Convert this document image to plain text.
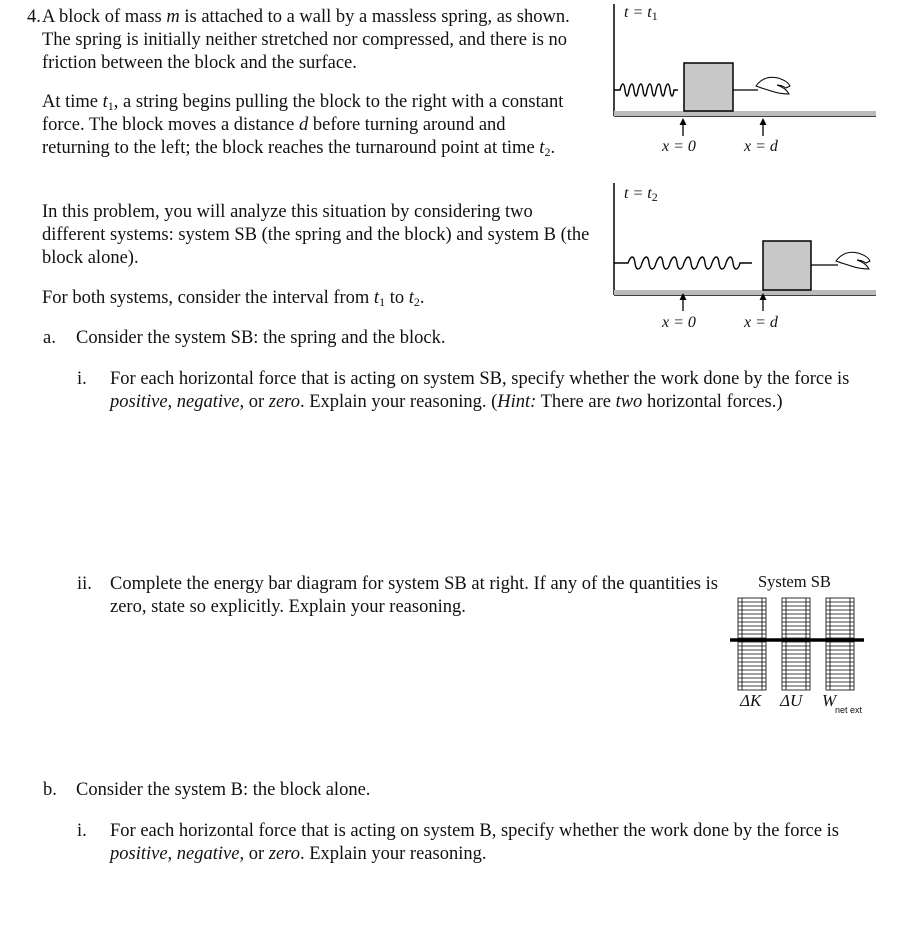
4. A block of mass m is attached to a wall by a massless spring, as shown. The spring is initially neither stretched nor compressed, and there is no friction between the block and the surface.

At time $t_1$, a string begins pulling the block to the right with a constant force. The block moves a distance d before turning around and returning to the left; the block reaches the turnaround point at time $t_2$.

In this problem, you will analyze this situation by considering two different systems: system SB (the spring and the block) and system B (the block alone).

For both systems, consider the interval from $t_1$ to $t_2$.

a. Consider the system SB: the spring and the block.

i. For each horizontal force that is acting on system SB, specify whether the work done by the force is positive, negative, or zero. Explain your reasoning. (Hint: There are two horizontal forces.)

ii. Complete the energy bar diagram for system SB at right. If any of the quantities is zero, state so explicitly. Explain your reasoning.

b. Consider the system B: the block alone.

i. For each horizontal force that is acting on system B, specify whether the work done by the force is positive, negative, or zero. Explain your reasoning.

$t = t_1$
x = 0	x = d
$t = t_2$
x = 0	x = d
System SB
ΔK ΔU W
net ext
